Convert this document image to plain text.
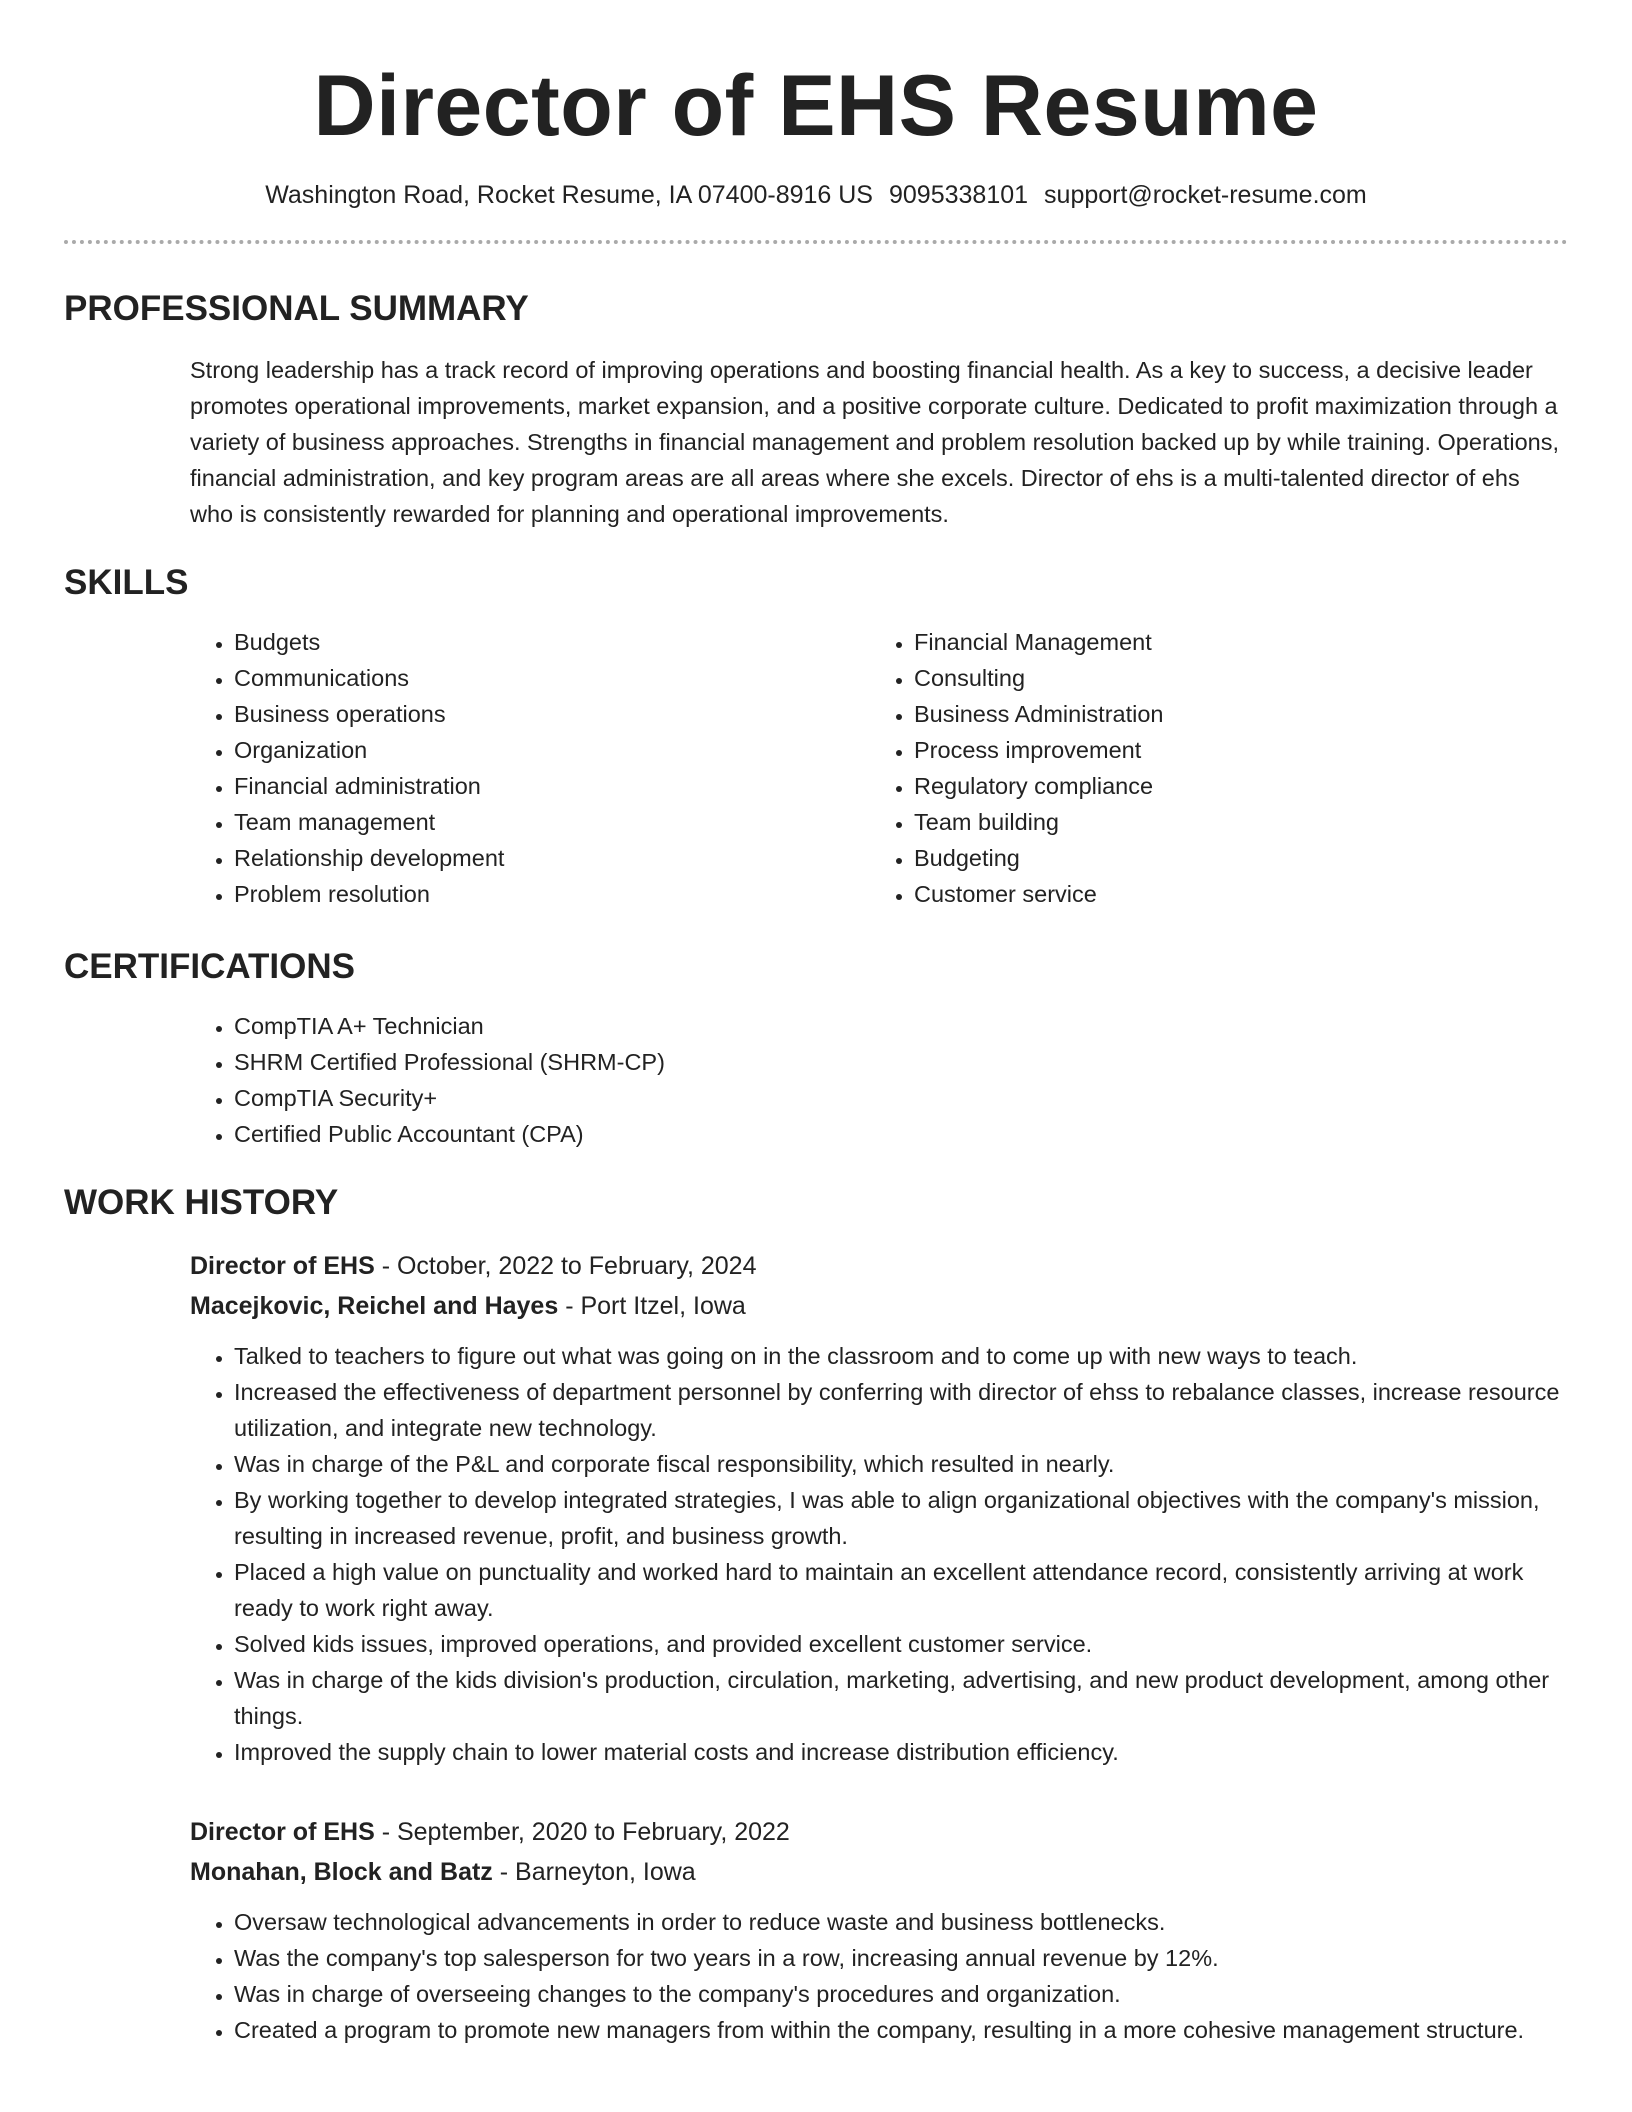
Director of EHS Resume
Washington Road, Rocket Resume, IA 07400-8916 US 9095338101 support@rocket-resume.com
PROFESSIONAL SUMMARY

Strong leadership has a track record of improving operations and boosting financial health. As a key to success, a decisive leader promotes operational improvements, market expansion, and a positive corporate culture. Dedicated to profit maximization through a variety of business approaches. Strengths in financial management and problem resolution backed up by while training. Operations, financial administration, and key program areas are all areas where she excels. Director of ehs is a multi-talented director of ehs who is consistently rewarded for planning and operational improvements.

SKILLS
• Budgets
• Communications
• Business operations
• Organization
• Financial administration
• Team management
• Relationship development
• Problem resolution
• Financial Management
• Consulting
• Business Administration
• Process improvement
• Regulatory compliance
• Team building
• Budgeting
• Customer service
CERTIFICATIONS
• CompTIA A+ Technician
• SHRM Certified Professional (SHRM-CP)
• CompTIA Security+
• Certified Public Accountant (CPA)
WORK HISTORY
Director of EHS - October, 2022 to February, 2024
Macejkovic, Reichel and Hayes - Port Itzel, Iowa
• Talked to teachers to figure out what was going on in the classroom and to come up with new ways to teach.
• Increased the effectiveness of department personnel by conferring with director of ehss to rebalance classes, increase resource utilization, and integrate new technology.
• Was in charge of the P&L and corporate fiscal responsibility, which resulted in nearly.
• By working together to develop integrated strategies, I was able to align organizational objectives with the company's mission, resulting in increased revenue, profit, and business growth.
• Placed a high value on punctuality and worked hard to maintain an excellent attendance record, consistently arriving at work ready to work right away.
• Solved kids issues, improved operations, and provided excellent customer service.
• Was in charge of the kids division's production, circulation, marketing, advertising, and new product development, among other things.
• Improved the supply chain to lower material costs and increase distribution efficiency.
Director of EHS - September, 2020 to February, 2022
Monahan, Block and Batz - Barneyton, Iowa
• Oversaw technological advancements in order to reduce waste and business bottlenecks.
• Was the company's top salesperson for two years in a row, increasing annual revenue by 12%.
• Was in charge of overseeing changes to the company's procedures and organization.
• Created a program to promote new managers from within the company, resulting in a more cohesive management structure.
